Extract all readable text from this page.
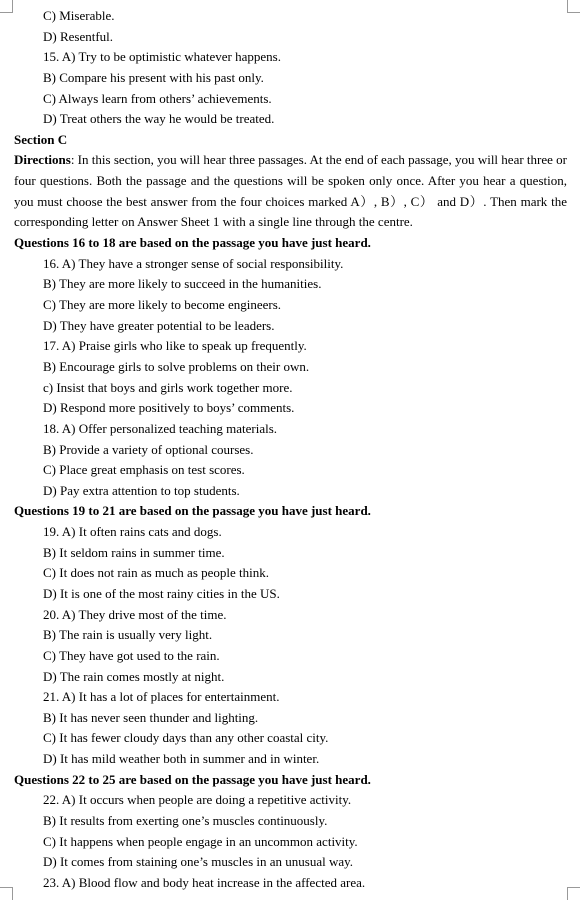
C) Miserable.
D) Resentful.
15. A) Try to be optimistic whatever happens.
B) Compare his present with his past only.
C) Always learn from others’ achievements.
D) Treat others the way he would be treated.
Section C
Directions: In this section, you will hear three passages. At the end of each passage, you will hear three or four questions. Both the passage and the questions will be spoken only once. After you hear a question, you must choose the best answer from the four choices marked A）, B）, C） and D）. Then mark the corresponding letter on Answer Sheet 1 with a single line through the centre.
Questions 16 to 18 are based on the passage you have just heard.
16. A) They have a stronger sense of social responsibility.
B) They are more likely to succeed in the humanities.
C) They are more likely to become engineers.
D) They have greater potential to be leaders.
17. A) Praise girls who like to speak up frequently.
B) Encourage girls to solve problems on their own.
c) Insist that boys and girls work together more.
D) Respond more positively to boys’ comments.
18. A) Offer personalized teaching materials.
B) Provide a variety of optional courses.
C) Place great emphasis on test scores.
D) Pay extra attention to top students.
Questions 19 to 21 are based on the passage you have just heard.
19. A) It often rains cats and dogs.
B) It seldom rains in summer time.
C) It does not rain as much as people think.
D) It is one of the most rainy cities in the US.
20. A) They drive most of the time.
B) The rain is usually very light.
C) They have got used to the rain.
D) The rain comes mostly at night.
21. A) It has a lot of places for entertainment.
B) It has never seen thunder and lighting.
C) It has fewer cloudy days than any other coastal city.
D) It has mild weather both in summer and in winter.
Questions 22 to 25 are based on the passage you have just heard.
22. A) It occurs when people are doing a repetitive activity.
B) It results from exerting one’s muscles continuously.
C) It happens when people engage in an uncommon activity.
D) It comes from staining one’s muscles in an unusual way.
23. A) Blood flow and body heat increase in the affected area.
